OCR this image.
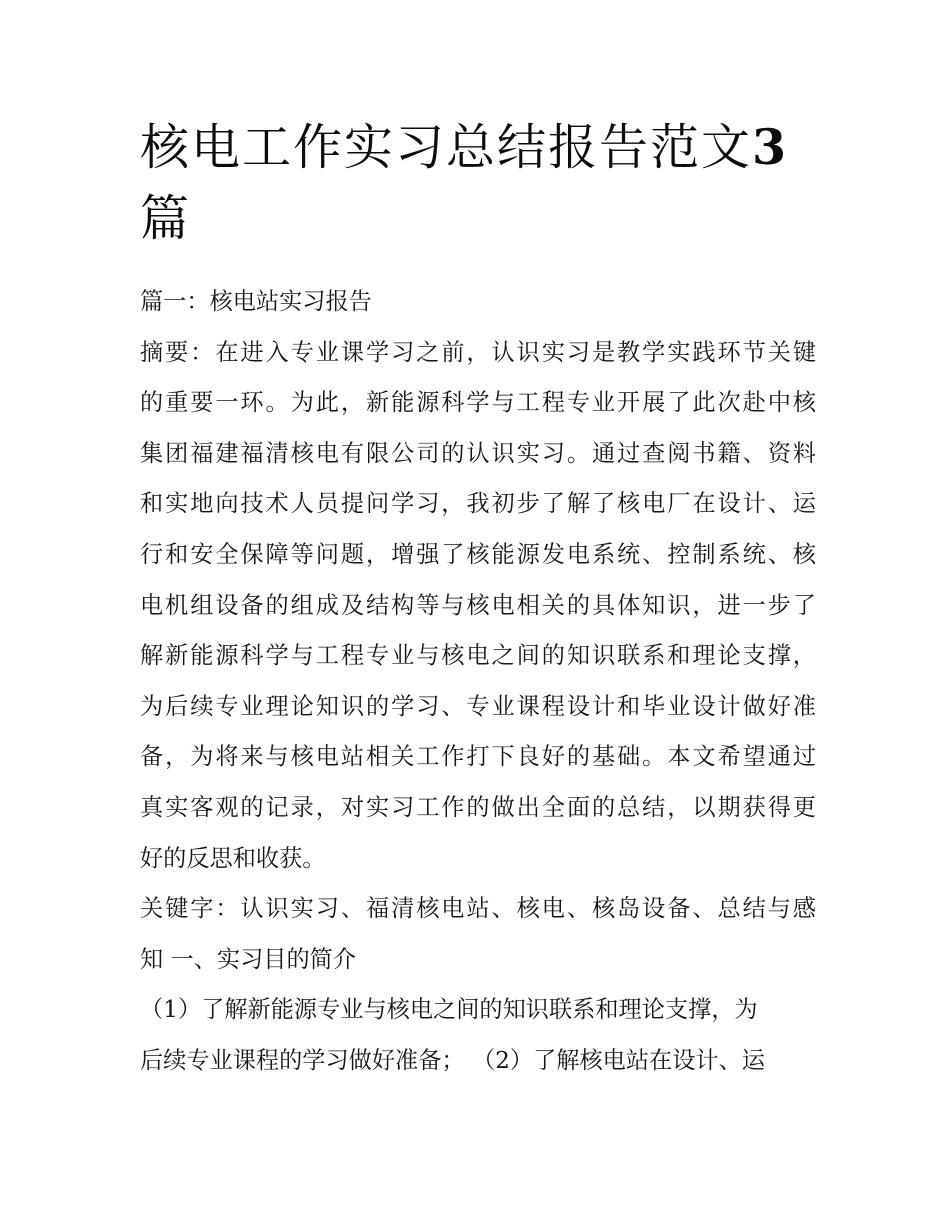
核电工作实习总结报告范文3
篇
篇一：核电站实习报告
摘要：在进入专业课学习之前，认识实习是教学实践环节关键
的重要一环。为此，新能源科学与工程专业开展了此次赴中核
集团福建福清核电有限公司的认识实习。通过查阅书籍、资料
和实地向技术人员提问学习，我初步了解了核电厂在设计、运
行和安全保障等问题，增强了核能源发电系统、控制系统、核
电机组设备的组成及结构等与核电相关的具体知识，进一步了
解新能源科学与工程专业与核电之间的知识联系和理论支撑，
为后续专业理论知识的学习、专业课程设计和毕业设计做好准
备，为将来与核电站相关工作打下良好的基础。本文希望通过
真实客观的记录，对实习工作的做出全面的总结，以期获得更
好的反思和收获。
关键字：认识实习、福清核电站、核电、核岛设备、总结与感
知 一、实习目的简介
（1）了解新能源专业与核电之间的知识联系和理论支撑，为
后续专业课程的学习做好准备； （2）了解核电站在设计、运
